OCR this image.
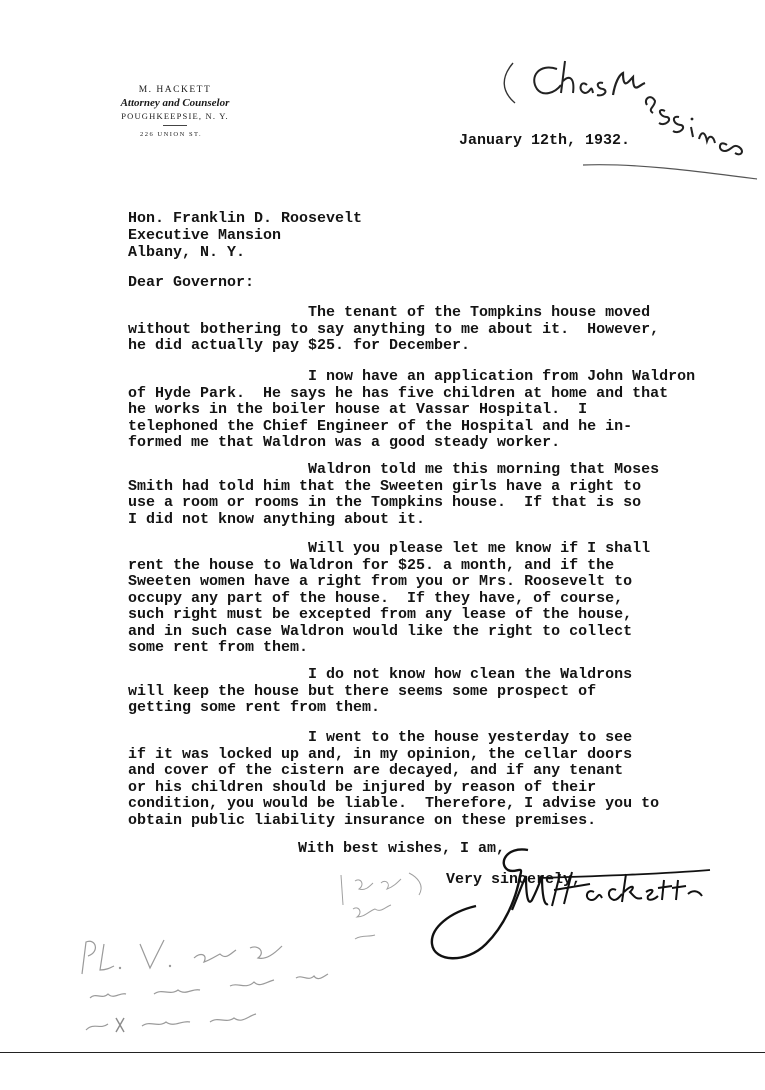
M. HACKETT
Attorney and Counselor
POUGHKEEPSIE, N. Y.
226 UNION ST.	January 12th, 1932.
Hon. Franklin D. Roosevelt
Executive Mansion
Albany, N. Y.
Dear Governor:
The tenant of the Tompkins house moved
without bothering to say anything to me about it.  However,
he did actually pay $25. for December.
I now have an application from John Waldron
of Hyde Park.  He says he has five children at home and that
he works in the boiler house at Vassar Hospital.  I
telephoned the Chief Engineer of the Hospital and he in-
formed me that Waldron was a good steady worker.
Waldron told me this morning that Moses
Smith had told him that the Sweeten girls have a right to
use a room or rooms in the Tompkins house.  If that is so
I did not know anything about it.
Will you please let me know if I shall
rent the house to Waldron for $25. a month, and if the
Sweeten women have a right from you or Mrs. Roosevelt to
occupy any part of the house.  If they have, of course,
such right must be excepted from any lease of the house,
and in such case Waldron would like the right to collect
some rent from them.
I do not know how clean the Waldrons
will keep the house but there seems some prospect of
getting some rent from them.
I went to the house yesterday to see
if it was locked up and, in my opinion, the cellar doors
and cover of the cistern are decayed, and if any tenant
or his children should be injured by reason of their
condition, you would be liable.  Therefore, I advise you to
obtain public liability insurance on these premises.
With best wishes, I am,
Very sincerely,
